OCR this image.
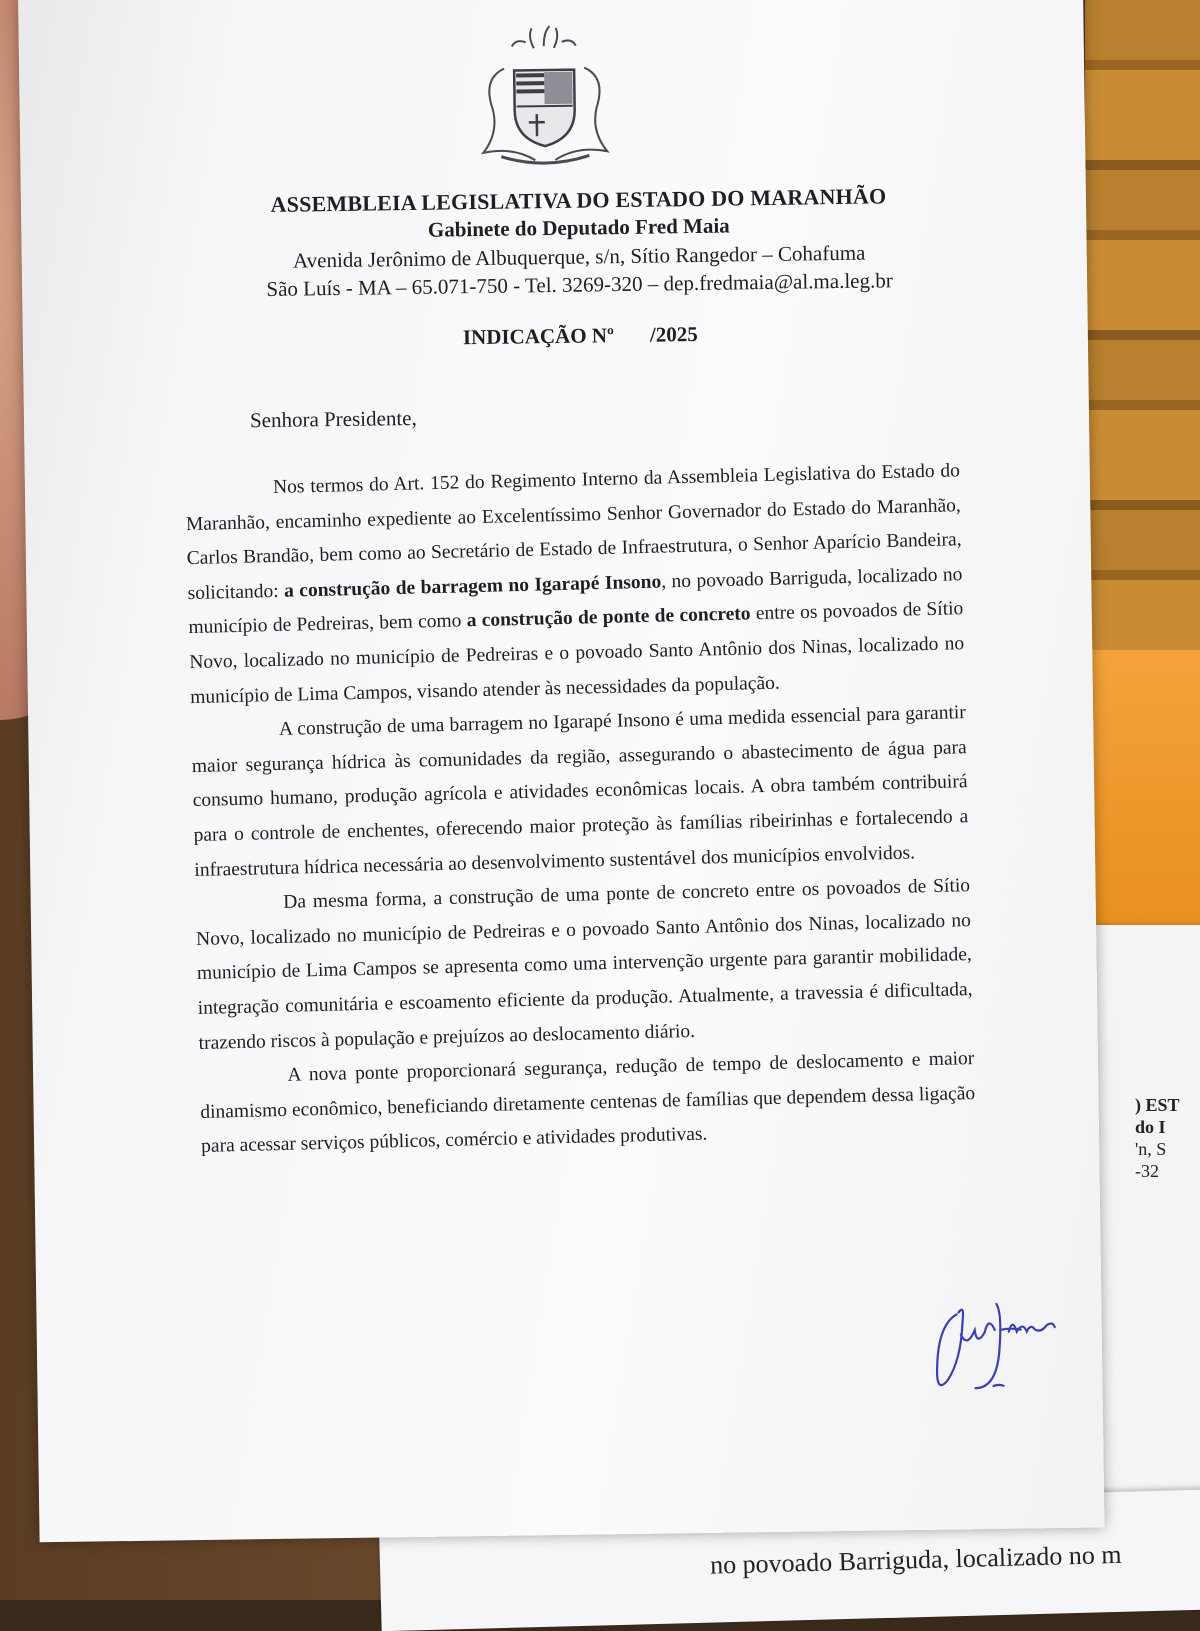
) EST
do I
'n, S
-32
no povoado Barriguda, localizado no m
ASSEMBLEIA LEGISLATIVA DO ESTADO DO MARANHÃO
Gabinete do Deputado Fred Maia
Avenida Jerônimo de Albuquerque, s/n, Sítio Rangedor – Cohafuma
São Luís - MA – 65.071-750 - Tel. 3269-320 – dep.fredmaia@al.ma.leg.br
INDICAÇÃO Nº /2025
Senhora Presidente,

Nos termos do Art. 152 do Regimento Interno da Assembleia Legislativa do Estado do Maranhão, encaminho expediente ao Excelentíssimo Senhor Governador do Estado do Maranhão, Carlos Brandão, bem como ao Secretário de Estado de Infraestrutura, o Senhor Aparício Bandeira, solicitando: a construção de barragem no Igarapé Insono, no povoado Barriguda, localizado no município de Pedreiras, bem como a construção de ponte de concreto entre os povoados de Sítio Novo, localizado no município de Pedreiras e o povoado Santo Antônio dos Ninas, localizado no município de Lima Campos, visando atender às necessidades da população.

A construção de uma barragem no Igarapé Insono é uma medida essencial para garantir maior segurança hídrica às comunidades da região, assegurando o abastecimento de água para consumo humano, produção agrícola e atividades econômicas locais. A obra também contribuirá para o controle de enchentes, oferecendo maior proteção às famílias ribeirinhas e fortalecendo a infraestrutura hídrica necessária ao desenvolvimento sustentável dos municípios envolvidos.

Da mesma forma, a construção de uma ponte de concreto entre os povoados de Sítio Novo, localizado no município de Pedreiras e o povoado Santo Antônio dos Ninas, localizado no município de Lima Campos se apresenta como uma intervenção urgente para garantir mobilidade, integração comunitária e escoamento eficiente da produção. Atualmente, a travessia é dificultada, trazendo riscos à população e prejuízos ao deslocamento diário.

A nova ponte proporcionará segurança, redução de tempo de deslocamento e maior dinamismo econômico, beneficiando diretamente centenas de famílias que dependem dessa ligação para acessar serviços públicos, comércio e atividades produtivas.
